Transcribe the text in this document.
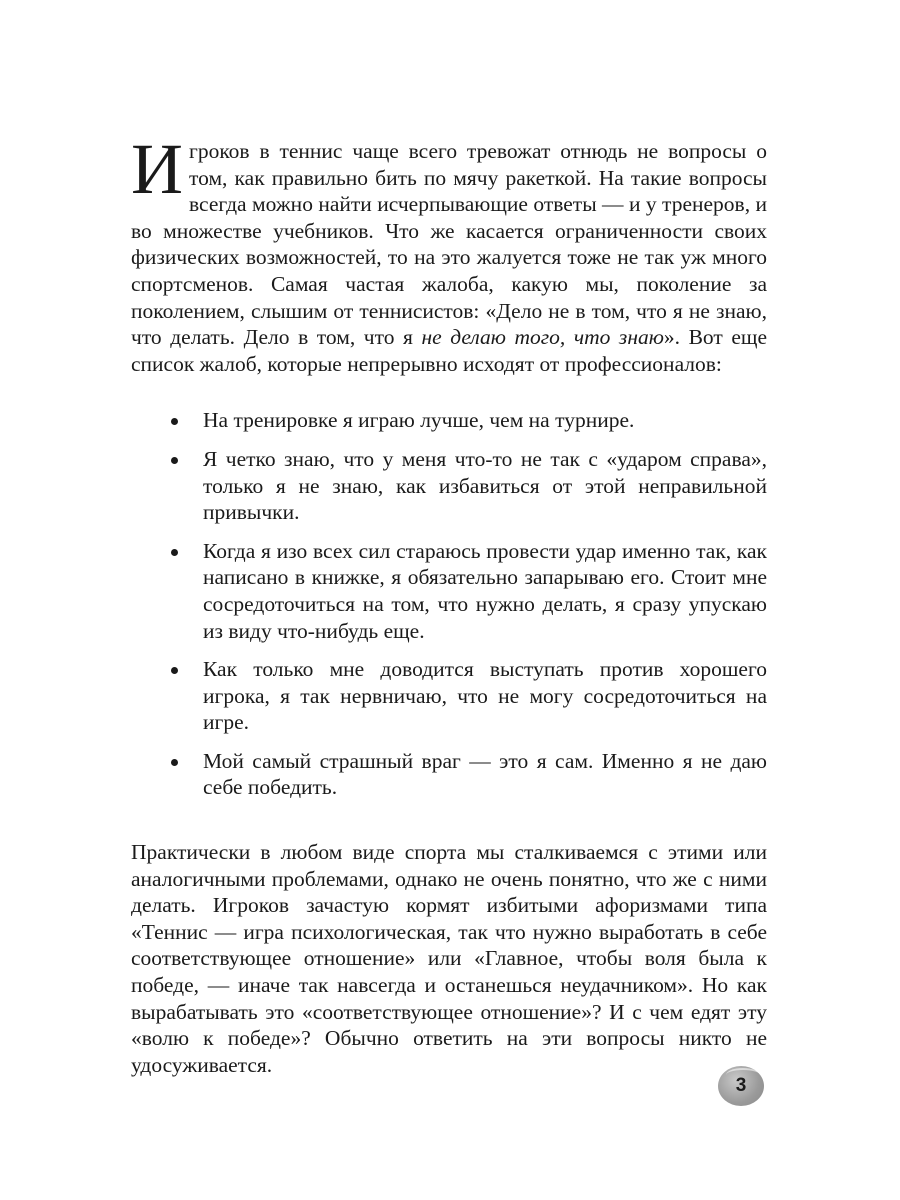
Игроков в теннис чаще всего тревожат отнюдь не вопросы о том, как правильно бить по мячу ракеткой. На такие вопросы всегда можно найти исчерпывающие ответы — и у тренеров, и во множестве учебников. Что же касается ограниченности своих физических возможностей, то на это жалуется тоже не так уж много спортсменов. Самая частая жалоба, какую мы, поколение за поколением, слышим от теннисистов: «Дело не в том, что я не знаю, что делать. Дело в том, что я не делаю того, что знаю». Вот еще список жалоб, которые непрерывно исходят от профессионалов:

На тренировке я играю лучше, чем на турнире.
Я четко знаю, что у меня что-то не так с «ударом справа», только я не знаю, как избавиться от этой неправильной привычки.
Когда я изо всех сил стараюсь провести удар именно так, как написано в книжке, я обязательно запарываю его. Стоит мне сосредоточиться на том, что нужно делать, я сразу упускаю из виду что-нибудь еще.
Как только мне доводится выступать против хорошего игрока, я так нервничаю, что не могу сосредоточиться на игре.
Мой самый страшный враг — это я сам. Именно я не даю себе победить.

Практически в любом виде спорта мы сталкиваемся с этими или аналогичными проблемами, однако не очень понятно, что же с ними делать. Игроков зачастую кормят избитыми афоризмами типа «Теннис — игра психологическая, так что нужно выработать в себе соответствующее отношение» или «Главное, чтобы воля была к победе, — иначе так навсегда и останешься неудачником». Но как вырабатывать это «соответствующее отношение»? И с чем едят эту «волю к победе»? Обычно ответить на эти вопросы никто не удосуживается.

3
